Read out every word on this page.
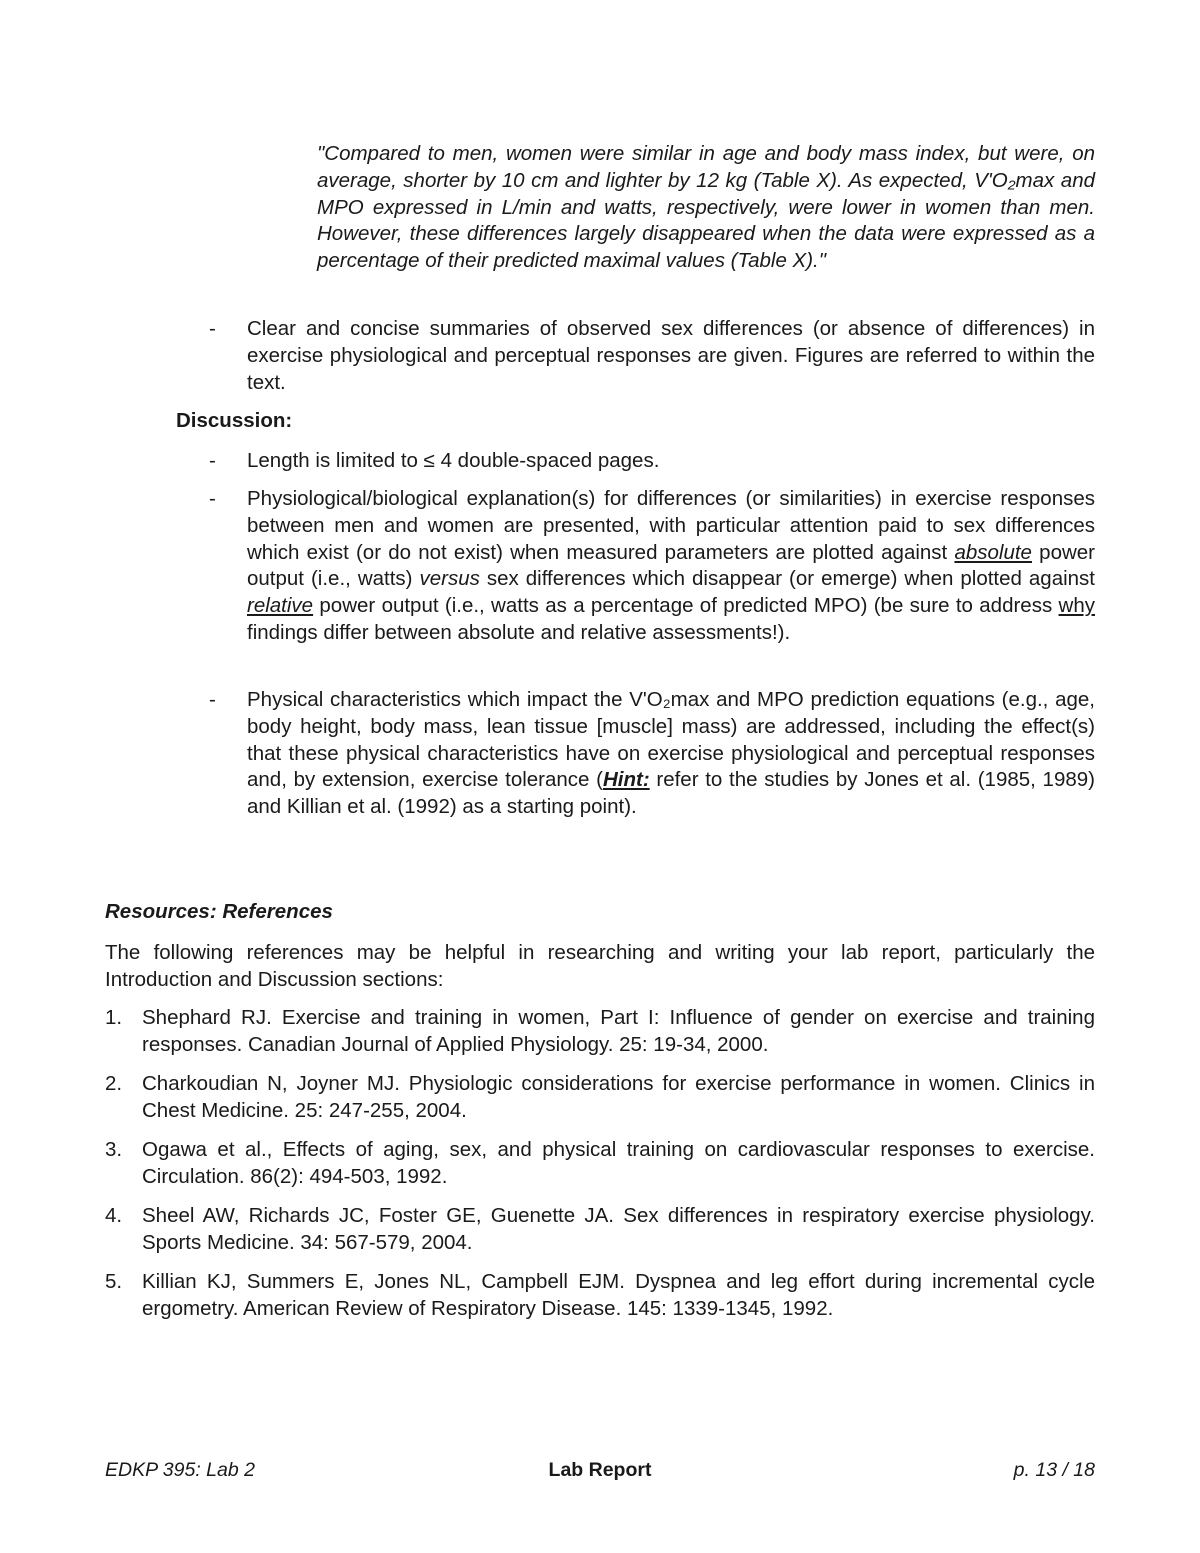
"Compared to men, women were similar in age and body mass index, but were, on average, shorter by 10 cm and lighter by 12 kg (Table X). As expected, V'O₂max and MPO expressed in L/min and watts, respectively, were lower in women than men. However, these differences largely disappeared when the data were expressed as a percentage of their predicted maximal values (Table X)."

-	Clear and concise summaries of observed sex differences (or absence of differences) in exercise physiological and perceptual responses are given. Figures are referred to within the text.
Discussion:
-	Length is limited to ≤ 4 double-spaced pages.
-	Physiological/biological explanation(s) for differences (or similarities) in exercise responses between men and women are presented, with particular attention paid to sex differences which exist (or do not exist) when measured parameters are plotted against absolute power output (i.e., watts) versus sex differences which disappear (or emerge) when plotted against relative power output (i.e., watts as a percentage of predicted MPO) (be sure to address why findings differ between absolute and relative assessments!).
-	Physical characteristics which impact the V'O₂max and MPO prediction equations (e.g., age, body height, body mass, lean tissue [muscle] mass) are addressed, including the effect(s) that these physical characteristics have on exercise physiological and perceptual responses and, by extension, exercise tolerance (Hint: refer to the studies by Jones et al. (1985, 1989) and Killian et al. (1992) as a starting point).
Resources: References

The following references may be helpful in researching and writing your lab report, particularly the Introduction and Discussion sections:

1. Shephard RJ. Exercise and training in women, Part I: Influence of gender on exercise and training responses. Canadian Journal of Applied Physiology. 25: 19-34, 2000.
2. Charkoudian N, Joyner MJ. Physiologic considerations for exercise performance in women. Clinics in Chest Medicine. 25: 247-255, 2004.
3. Ogawa et al., Effects of aging, sex, and physical training on cardiovascular responses to exercise. Circulation. 86(2): 494-503, 1992.
4. Sheel AW, Richards JC, Foster GE, Guenette JA. Sex differences in respiratory exercise physiology. Sports Medicine. 34: 567-579, 2004.
5. Killian KJ, Summers E, Jones NL, Campbell EJM. Dyspnea and leg effort during incremental cycle ergometry. American Review of Respiratory Disease. 145: 1339-1345, 1992.
EDKP 395: Lab 2	Lab Report	p. 13 / 18
